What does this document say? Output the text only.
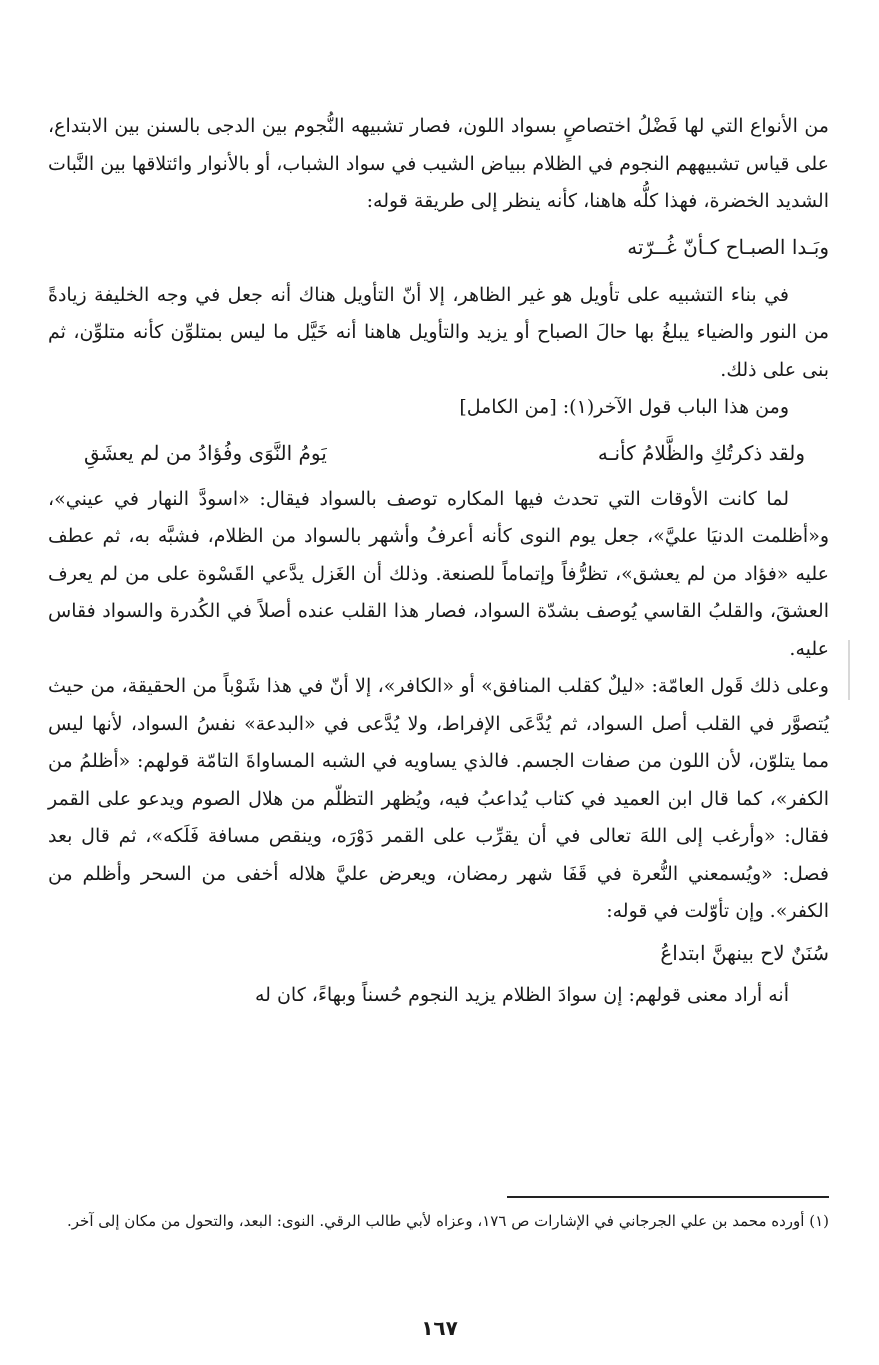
من الأنواع التي لها فَضْلُ اختصاصٍ بسواد اللون، فصار تشبيهه النُّجوم بين الدجى بالسنن بين الابتداع، على قياس تشبيههم النجوم في الظلام ببياض الشيب في سواد الشباب، أو بالأنوار وائتلاقها بين النَّبات الشديد الخضرة، فهذا كلُّه هاهنا، كأنه ينظر إلى طريقة قوله:

وبَـدا الصبـاح كـأنّ غُــرّته

في بناء التشبيه على تأويل هو غير الظاهر، إلا أنّ التأويل هناك أنه جعل في وجه الخليفة زيادةً من النور والضياء يبلغُ بها حالَ الصباح أو يزيد والتأويل هاهنا أنه خَيَّل ما ليس بمتلوِّن كأنه متلوِّن، ثم بنى على ذلك.

ومن هذا الباب قول الآخر(١): [من الكامل]

ولقد ذكرتُكِ والظَّلامُ كأنـه
يَومُ النَّوَى وفُؤادُ من لم يعشَقِ

لما كانت الأوقات التي تحدث فيها المكاره توصف بالسواد فيقال: «اسودَّ النهار في عيني»، و«أظلمت الدنيَا عليَّ»، جعل يوم النوى كأنه أعرفُ وأشهر بالسواد من الظلام، فشبَّه به، ثم عطف عليه «فؤاد من لم يعشق»، تظرُّفاً وإتماماً للصنعة. وذلك أن الغَزل يدَّعي القَسْوة على من لم يعرف العشقَ، والقلبُ القاسي يُوصف بشدّة السواد، فصار هذا القلب عنده أصلاً في الكُدرة والسواد فقاس عليه.

وعلى ذلك قَول العامّة: «ليلٌ كقلب المنافق» أو «الكافر»، إلا أنّ في هذا شَوْباً من الحقيقة، من حيث يُتصوَّر في القلب أصل السواد، ثم يُدَّعَى الإفراط، ولا يُدَّعى في «البدعة» نفسُ السواد، لأنها ليس مما يتلوّن، لأن اللون من صفات الجسم. فالذي يساويه في الشبه المساواةَ التامّة قولهم: «أظلمُ من الكفر»، كما قال ابن العميد في كتاب يُداعبُ فيه، ويُظهر التظلّم من هلال الصوم ويدعو على القمر فقال: «وأرغب إلى اللهَ تعالى في أن يقرِّب على القمر دَوْرَه، وينقص مسافة فَلَكه»، ثم قال بعد فصل: «ويُسمعني النُّعرة في قَفَا شهر رمضان، ويعرض عليَّ هلاله أخفى من السحر وأظلم من الكفر». وإن تأوّلت في قوله:

سُنَنٌ لاح بينهنَّ ابتداعُ

أنه أراد معنى قولهم: إن سوادَ الظلام يزيد النجوم حُسناً وبهاءً، كان له

(١) أورده محمد بن علي الجرجاني في الإشارات ص ١٧٦، وعزاه لأبي طالب الرقي. النوى: البعد، والتحول من مكان إلى آخر.

١٦٧
